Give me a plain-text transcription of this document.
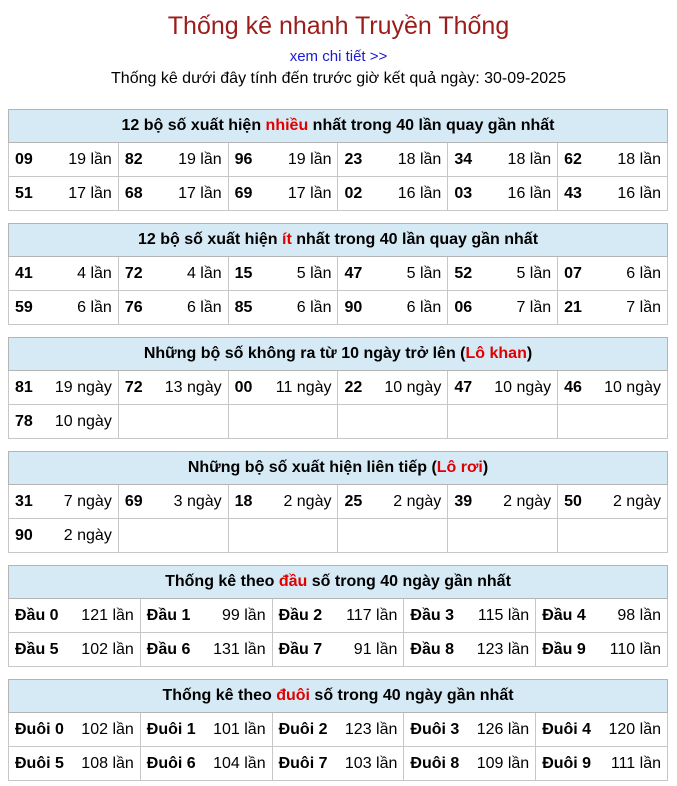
Thống kê nhanh Truyền Thống
xem chi tiết >>
Thống kê dưới đây tính đến trước giờ kết quả ngày: 30-09-2025
12 bộ số xuất hiện nhiều nhất trong 40 lần quay gần nhất					

09 19 lần	82 19 lần	96 19 lần	23 18 lần	34 18 lần	62 18 lần

51 17 lần	68 17 lần	69 17 lần	02 16 lần	03 16 lần	43 16 lần
12 bộ số xuất hiện ít nhất trong 40 lần quay gần nhất					

41 4 lần	72 4 lần	15 5 lần	47 5 lần	52 5 lần	07 6 lần

59 6 lần	76 6 lần	85 6 lần	90 6 lần	06 7 lần	21 7 lần
Những bộ số không ra từ 10 ngày trở lên (Lô khan)					

81 19 ngày	72 13 ngày	00 11 ngày	22 10 ngày	47 10 ngày	46 10 ngày

78 10 ngày					

Những bộ số xuất hiện liên tiếp (Lô rơi)					

31 7 ngày	69 3 ngày	18 2 ngày	25 2 ngày	39 2 ngày	50 2 ngày

90 2 ngày					

Thống kê theo đầu số trong 40 ngày gần nhất				

Đầu 0 121 lần	Đầu 1 99 lần	Đầu 2 117 lần	Đầu 3 115 lần	Đầu 4 98 lần

Đầu 5 102 lần	Đầu 6 131 lần	Đầu 7 91 lần	Đầu 8 123 lần	Đầu 9 110 lần
Thống kê theo đuôi số trong 40 ngày gần nhất				

Đuôi 0 102 lần	Đuôi 1 101 lần	Đuôi 2 123 lần	Đuôi 3 126 lần	Đuôi 4 120 lần

Đuôi 5 108 lần	Đuôi 6 104 lần	Đuôi 7 103 lần	Đuôi 8 109 lần	Đuôi 9 111 lần
